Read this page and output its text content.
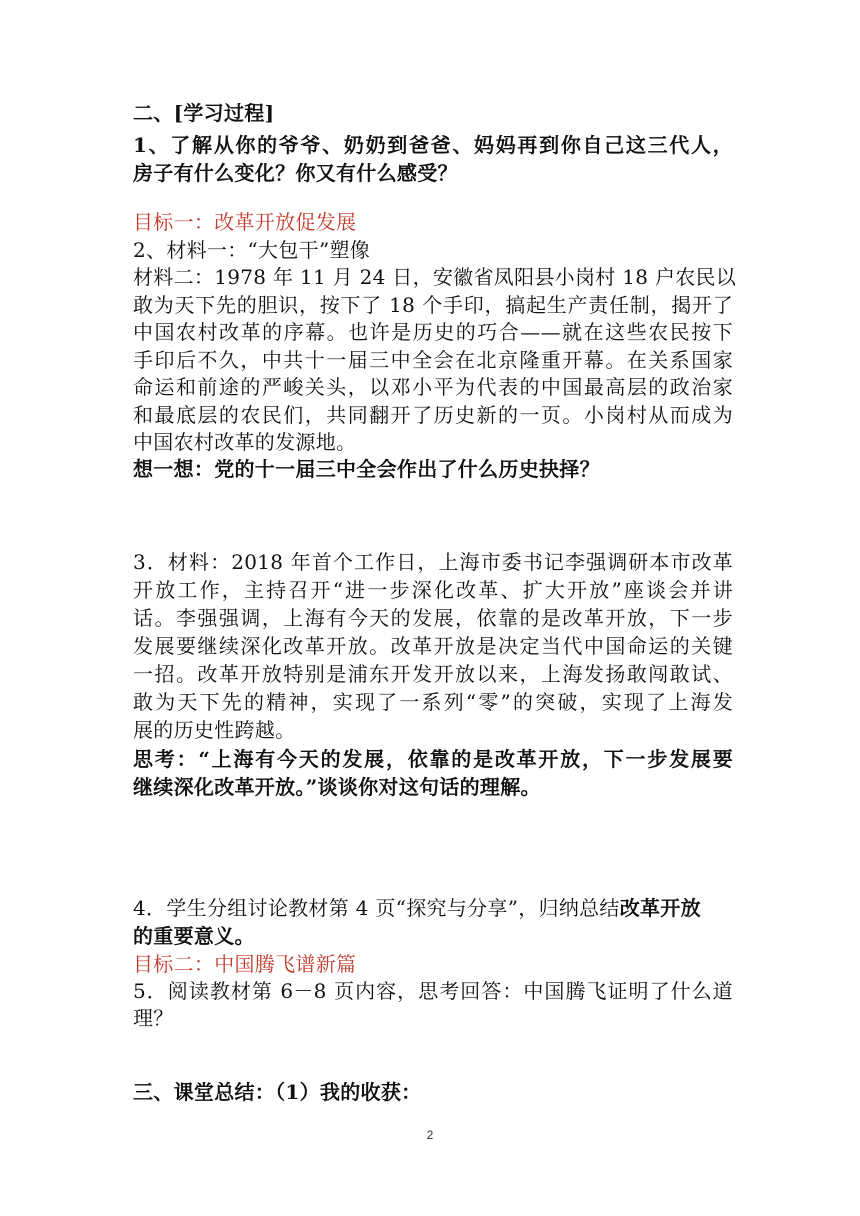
二、[学习过程]
1、了解从你的爷爷、奶奶到爸爸、妈妈再到你自己这三代人，
房子有什么变化？你又有什么感受？
目标一：改革开放促发展
2、材料一：“大包干”塑像
材料二：1978 年 11 月 24 日，安徽省凤阳县小岗村 18 户农民以
敢为天下先的胆识，按下了 18 个手印，搞起生产责任制，揭开了
中国农村改革的序幕。也许是历史的巧合——就在这些农民按下
手印后不久，中共十一届三中全会在北京隆重开幕。在关系国家
命运和前途的严峻关头，以邓小平为代表的中国最高层的政治家
和最底层的农民们，共同翻开了历史新的一页。小岗村从而成为
中国农村改革的发源地。
想一想：党的十一届三中全会作出了什么历史抉择？
3．材料：2018 年首个工作日，上海市委书记李强调研本市改革
开放工作，主持召开“进一步深化改革、扩大开放”座谈会并讲
话。李强强调，上海有今天的发展，依靠的是改革开放，下一步
发展要继续深化改革开放。改革开放是决定当代中国命运的关键
一招。改革开放特别是浦东开发开放以来，上海发扬敢闯敢试、
敢为天下先的精神，实现了一系列“零”的突破，实现了上海发
展的历史性跨越。
思考：“上海有今天的发展，依靠的是改革开放，下一步发展要
继续深化改革开放。”谈谈你对这句话的理解。
4．学生分组讨论教材第 4 页“探究与分享”，归纳总结改革开放
的重要意义。
目标二：中国腾飞谱新篇
5．阅读教材第 6－8 页内容，思考回答：中国腾飞证明了什么道
理？
三、课堂总结：（1）我的收获：
2
